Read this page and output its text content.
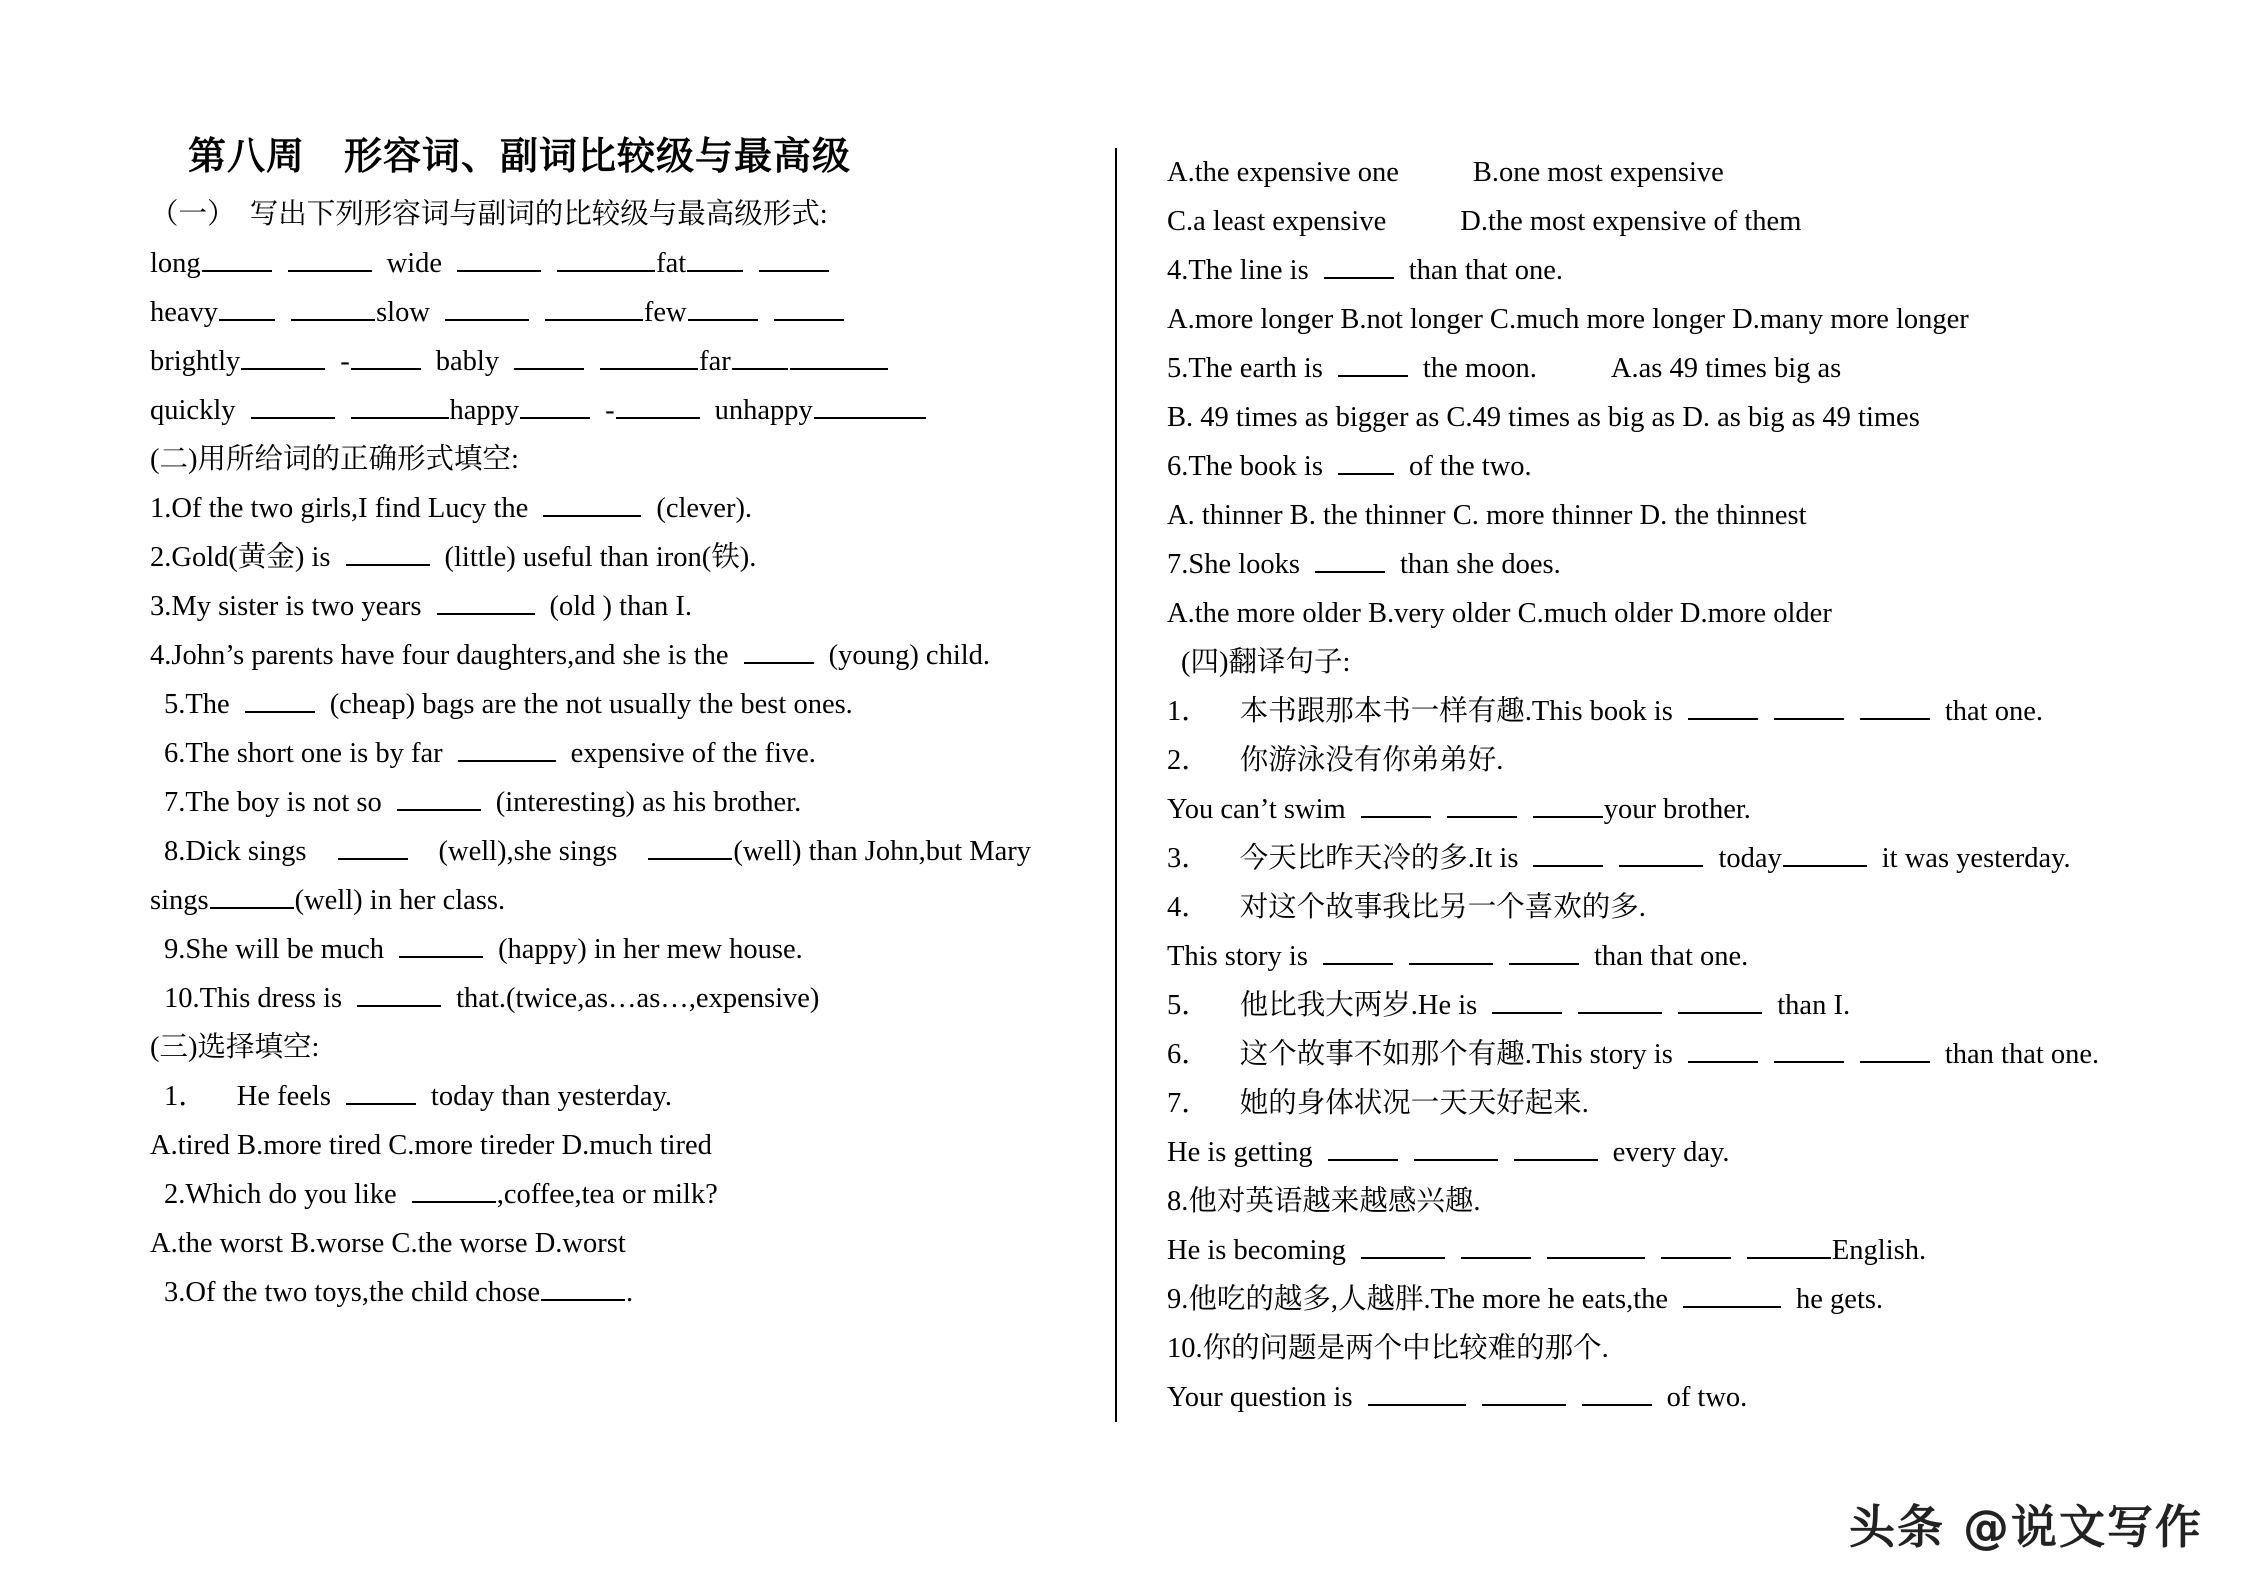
第八周　形容词、副词比较级与最高级
（一）　写出下列形容词与副词的比较级与最高级形式:
long	wide	fat
heavy	slow	few
brightly	-	bably	far
quickly	happy	-	unhappy
(二)用所给词的正确形式填空:
1.Of the two girls,I find Lucy the	(clever).
2.Gold(黄金) is	(little) useful than iron(铁).
3.My sister is two years	(old ) than I.
4.John’s parents have four daughters,and she is the	(young) child.
5.The	(cheap) bags are the not usually the best ones.
6.The short one is by far	expensive of the five.
7.The boy is not so	(interesting) as his brother.
8.Dick sings	(well),she sings	(well) than John,but Mary
sings	(well) in her class.
9.She will be much	(happy) in her mew house.
10.This dress is	that.(twice,as…as…,expensive)
(三)选择填空:
1． He feels	today than yesterday.
A.tired B.more tired C.more tireder D.much tired
2.Which do you like	,coffee,tea or milk?
A.the worst B.worse C.the worse D.worst
3.Of the two toys,the child chose	.
A.the expensive one	B.one most expensive
C.a least expensive	D.the most expensive of them
4.The line is	than that one.
A.more longer B.not longer C.much more longer D.many more longer
5.The earth is	the moon.	A.as 49 times big as
B. 49 times as bigger as C.49 times as big as D. as big as 49 times
6.The book is	of the two.
A. thinner B. the thinner C. more thinner D. the thinnest
7.She looks	than she does.
A.the more older B.very older C.much older D.more older
(四)翻译句子:
1． 本书跟那本书一样有趣.This book is	that one.
2． 你游泳没有你弟弟好.
You can’t swim	your brother.
3． 今天比昨天冷的多.It is	today	it was yesterday.
4． 对这个故事我比另一个喜欢的多.
This story is	than that one.
5． 他比我大两岁.He is	than I.
6． 这个故事不如那个有趣.This story is	than that one.
7． 她的身体状况一天天好起来.
He is getting	every day.
8.他对英语越来越感兴趣.
He is becoming	English.
9.他吃的越多,人越胖.The more he eats,the	he gets.
10.你的问题是两个中比较难的那个.
Your question is	of two.
头条 @说文写作
